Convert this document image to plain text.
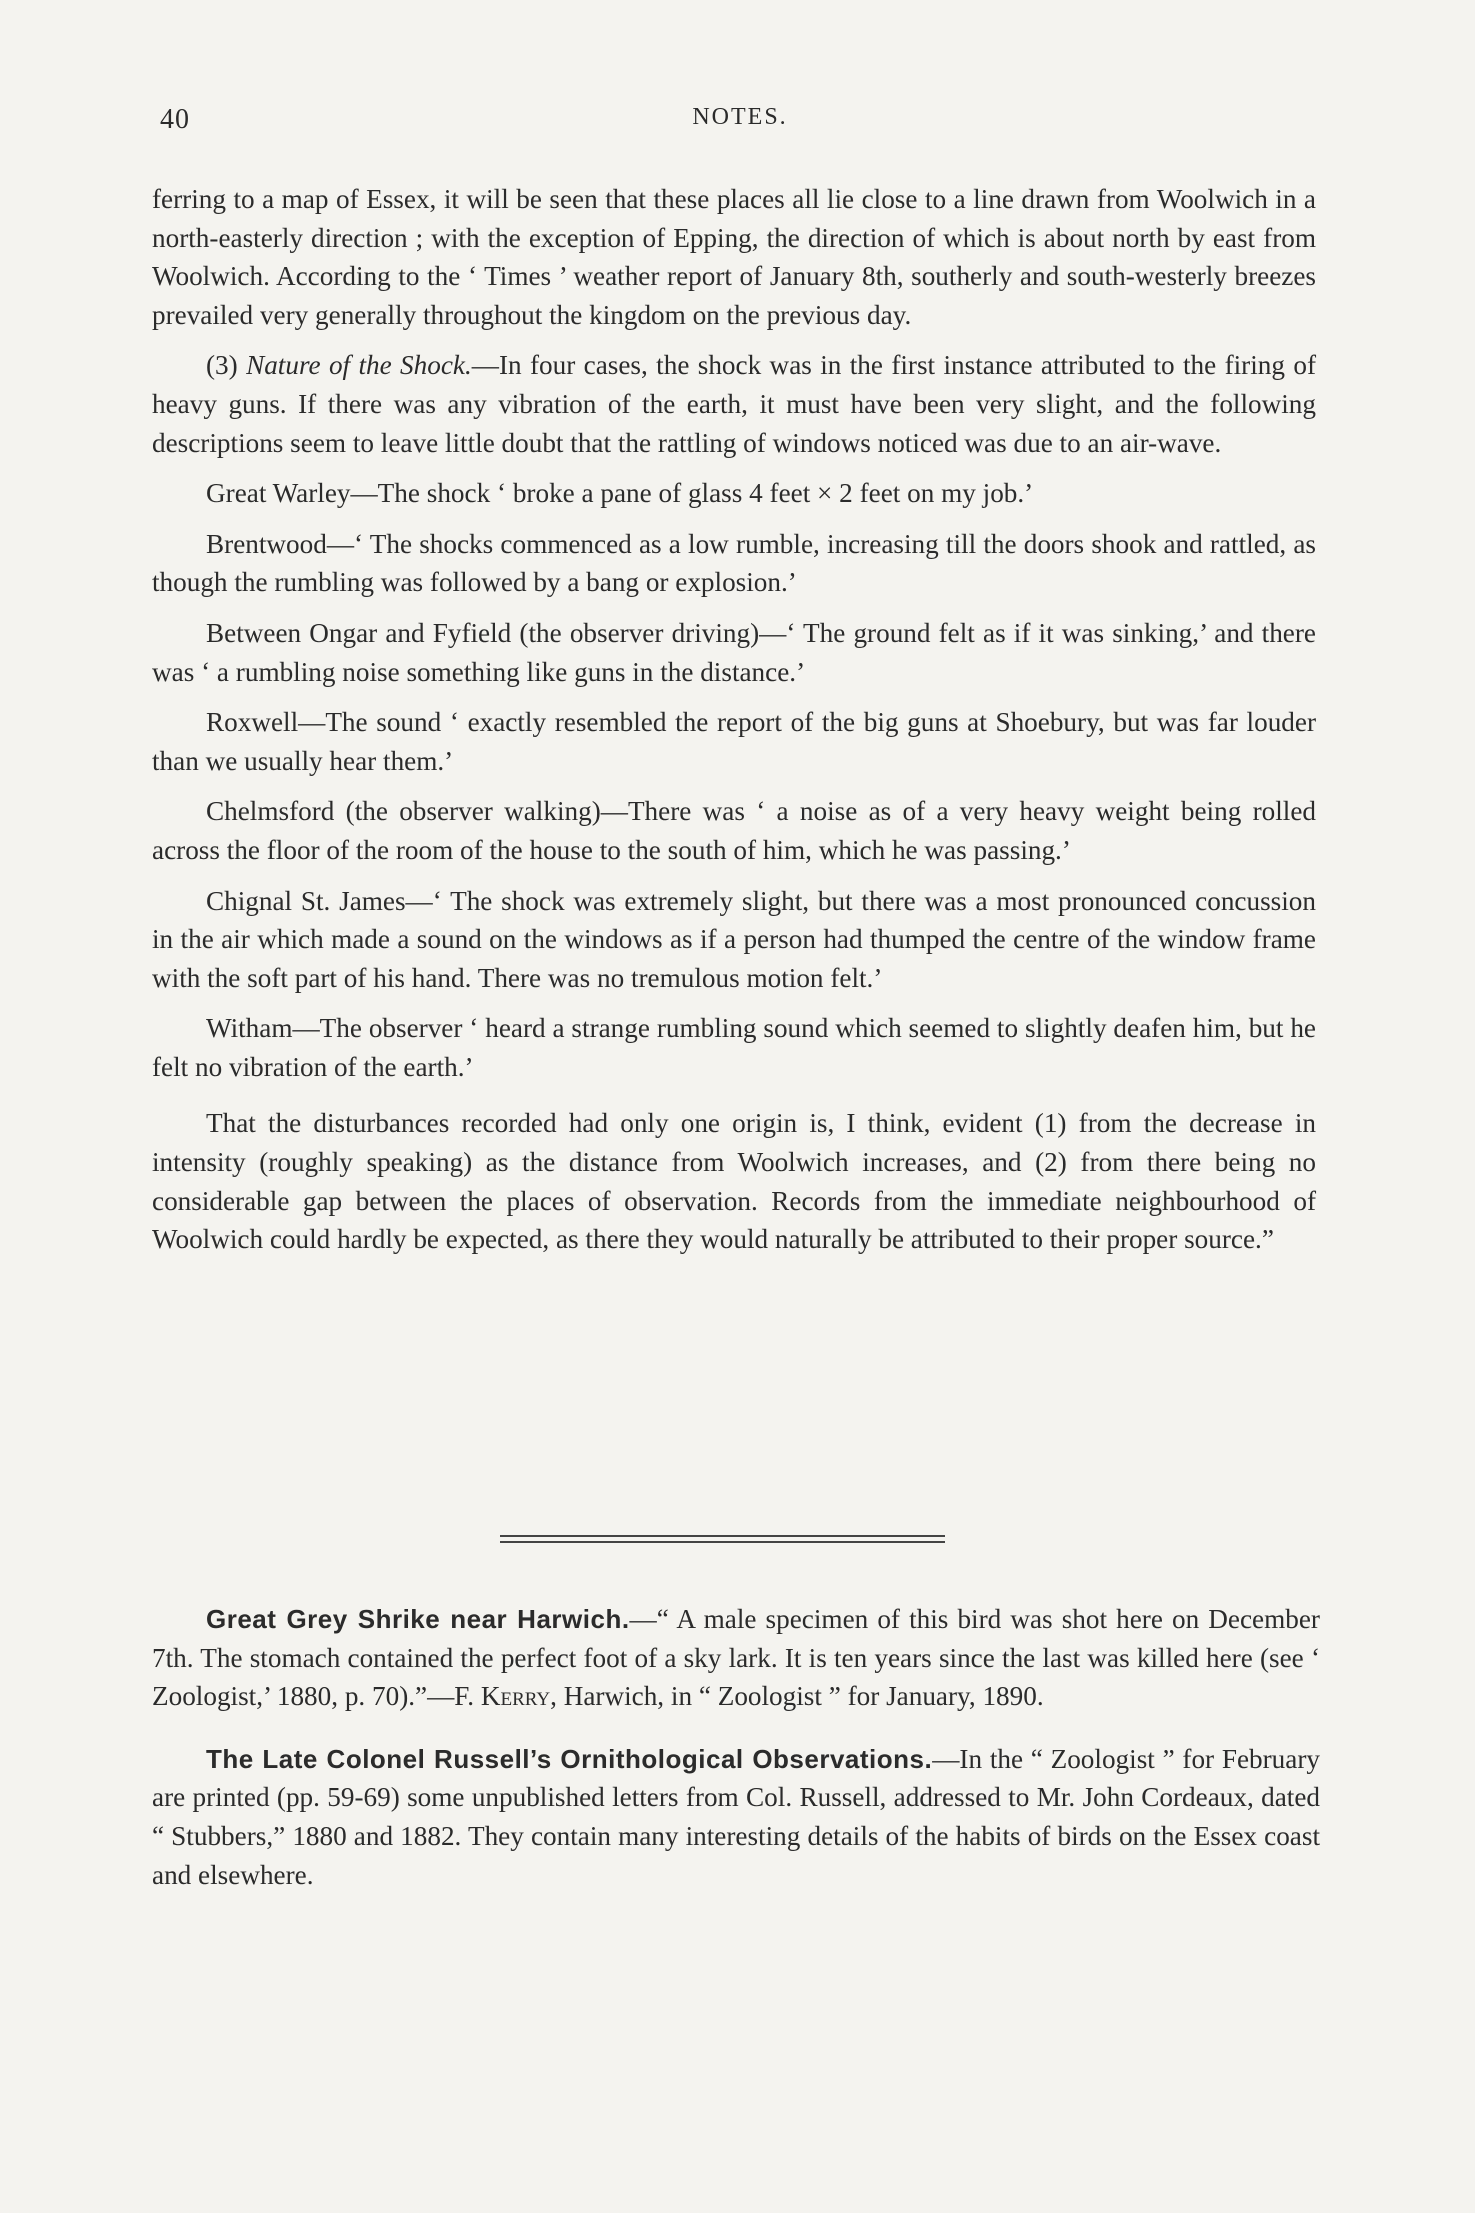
40	NOTES.

ferring to a map of Essex, it will be seen that these places all lie close to a line drawn from Woolwich in a north-easterly direction ; with the exception of Epping, the direction of which is about north by east from Woolwich. According to the ‘ Times ’ weather report of January 8th, southerly and south-westerly breezes prevailed very generally throughout the kingdom on the previous day.

(3) Nature of the Shock.—In four cases, the shock was in the first instance attributed to the firing of heavy guns. If there was any vibration of the earth, it must have been very slight, and the following descriptions seem to leave little doubt that the rattling of windows noticed was due to an air-wave.

Great Warley—The shock ‘ broke a pane of glass 4 feet × 2 feet on my job.’

Brentwood—‘ The shocks commenced as a low rumble, increasing till the doors shook and rattled, as though the rumbling was followed by a bang or explosion.’

Between Ongar and Fyfield (the observer driving)—‘ The ground felt as if it was sinking,’ and there was ‘ a rumbling noise something like guns in the distance.’

Roxwell—The sound ‘ exactly resembled the report of the big guns at Shoebury, but was far louder than we usually hear them.’

Chelmsford (the observer walking)—There was ‘ a noise as of a very heavy weight being rolled across the floor of the room of the house to the south of him, which he was passing.’

Chignal St. James—‘ The shock was extremely slight, but there was a most pronounced concussion in the air which made a sound on the windows as if a person had thumped the centre of the window frame with the soft part of his hand. There was no tremulous motion felt.’

Witham—The observer ‘ heard a strange rumbling sound which seemed to slightly deafen him, but he felt no vibration of the earth.’

That the disturbances recorded had only one origin is, I think, evident (1) from the decrease in intensity (roughly speaking) as the distance from Woolwich increases, and (2) from there being no considerable gap between the places of observation. Records from the immediate neighbourhood of Woolwich could hardly be expected, as there they would naturally be attributed to their proper source.”

Great Grey Shrike near Harwich.—“ A male specimen of this bird was shot here on December 7th. The stomach contained the perfect foot of a sky lark. It is ten years since the last was killed here (see ‘ Zoologist,’ 1880, p. 70).”—F. Kerry, Harwich, in “ Zoologist ” for January, 1890.

The Late Colonel Russell’s Ornithological Observations.—In the “ Zoologist ” for February are printed (pp. 59-69) some unpublished letters from Col. Russell, addressed to Mr. John Cordeaux, dated “ Stubbers,” 1880 and 1882. They contain many interesting details of the habits of birds on the Essex coast and elsewhere.
